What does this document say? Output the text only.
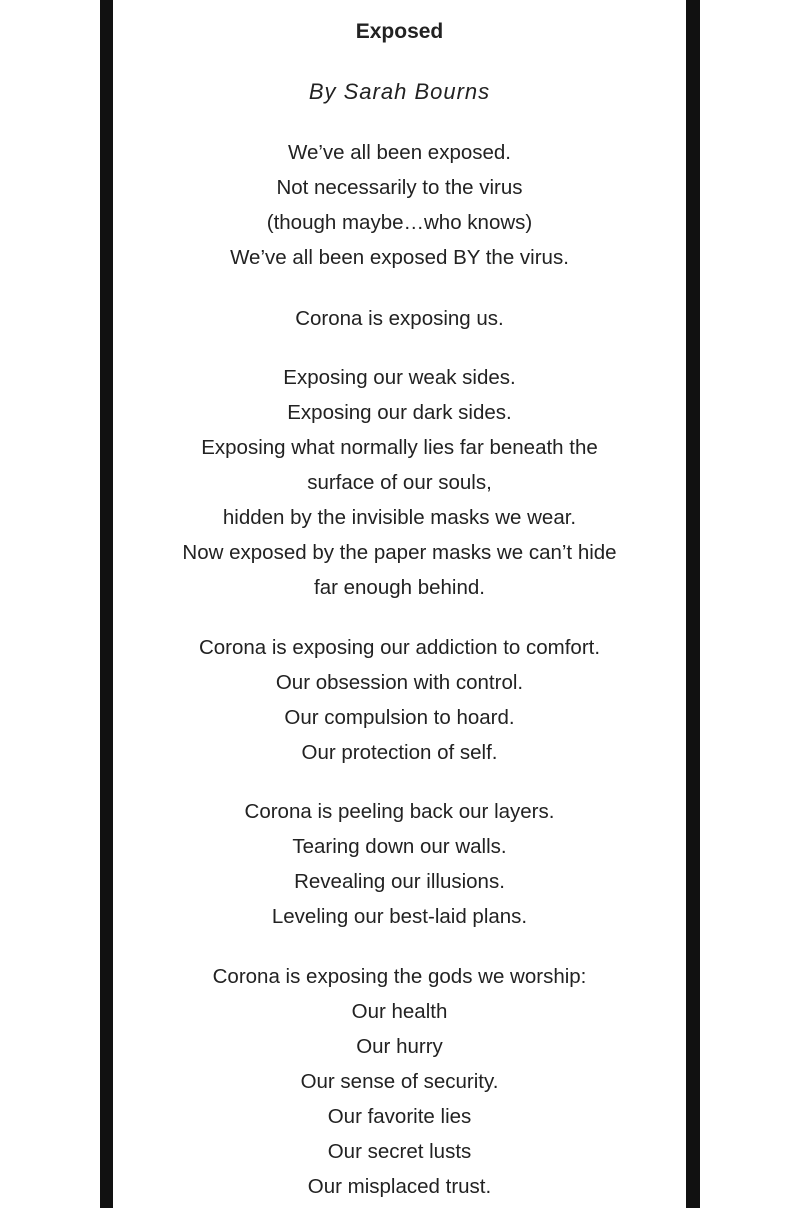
Exposed
By Sarah Bourns
We’ve all been exposed.
Not necessarily to the virus
(though maybe…who knows)
We’ve all been exposed BY the virus.
Corona is exposing us.
Exposing our weak sides.
Exposing our dark sides.
Exposing what normally lies far beneath the
surface of our souls,
hidden by the invisible masks we wear.
Now exposed by the paper masks we can’t hide
far enough behind.
Corona is exposing our addiction to comfort.
Our obsession with control.
Our compulsion to hoard.
Our protection of self.
Corona is peeling back our layers.
Tearing down our walls.
Revealing our illusions.
Leveling our best-laid plans.
Corona is exposing the gods we worship:
Our health
Our hurry
Our sense of security.
Our favorite lies
Our secret lusts
Our misplaced trust.
